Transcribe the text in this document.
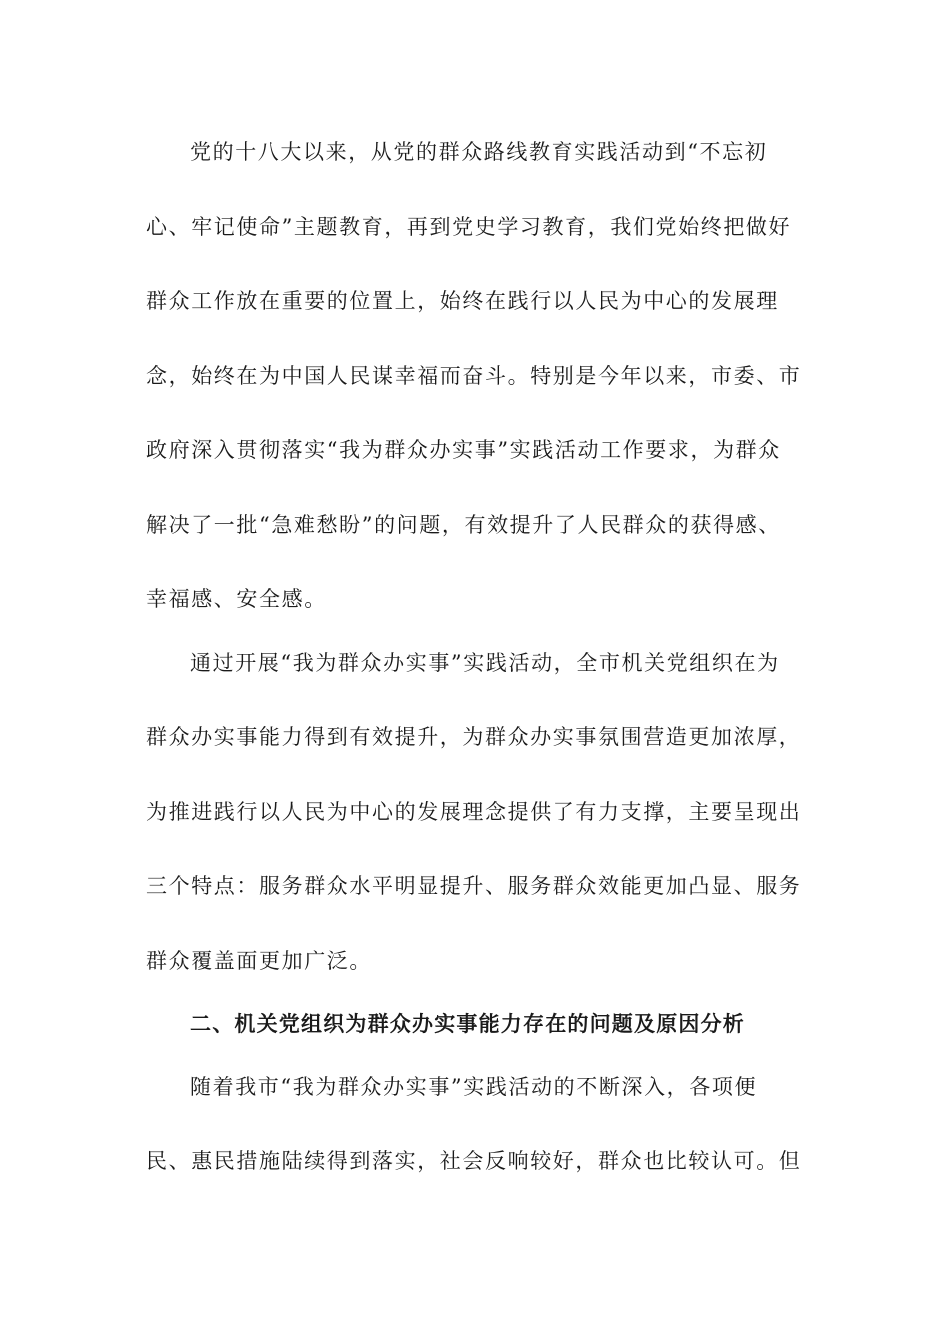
党的十八大以来，从党的群众路线教育实践活动到“不忘初
心、牢记使命”主题教育，再到党史学习教育，我们党始终把做好
群众工作放在重要的位置上，始终在践行以人民为中心的发展理
念，始终在为中国人民谋幸福而奋斗。特别是今年以来，市委、市
政府深入贯彻落实“我为群众办实事”实践活动工作要求，为群众
解决了一批“急难愁盼”的问题，有效提升了人民群众的获得感、
幸福感、安全感。
通过开展“我为群众办实事”实践活动，全市机关党组织在为
群众办实事能力得到有效提升，为群众办实事氛围营造更加浓厚，
为推进践行以人民为中心的发展理念提供了有力支撑，主要呈现出
三个特点：服务群众水平明显提升、服务群众效能更加凸显、服务
群众覆盖面更加广泛。
二、机关党组织为群众办实事能力存在的问题及原因分析
随着我市“我为群众办实事”实践活动的不断深入，各项便
民、惠民措施陆续得到落实，社会反响较好，群众也比较认可。但
